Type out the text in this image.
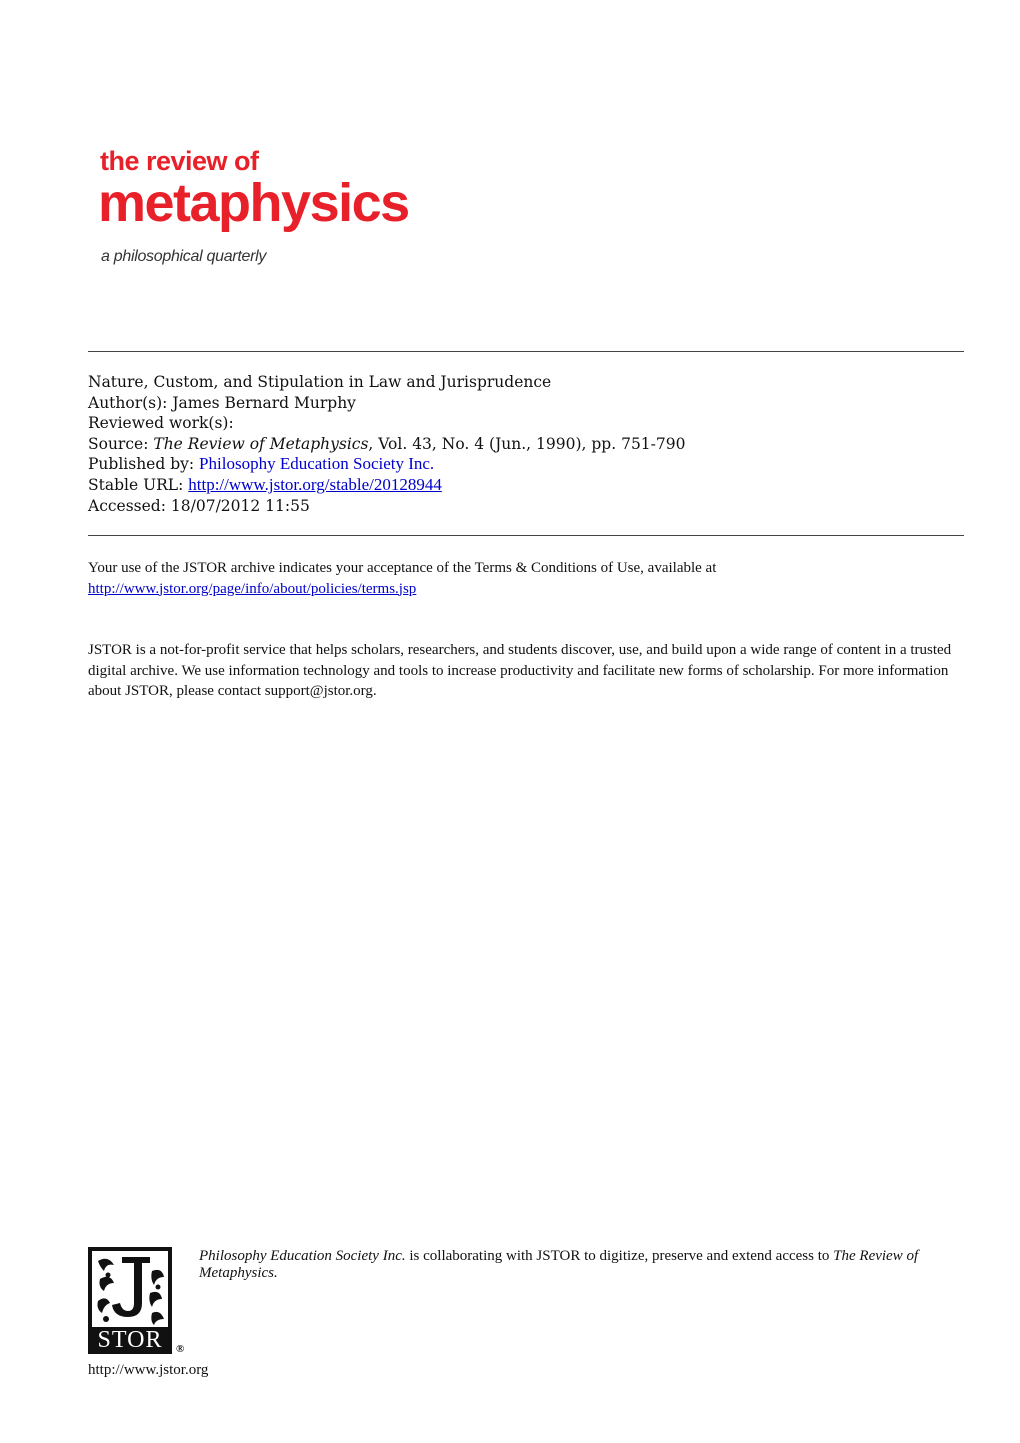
the review of
metaphysics
a philosophical quarterly
Nature, Custom, and Stipulation in Law and Jurisprudence
Author(s): James Bernard Murphy
Reviewed work(s):
Source: The Review of Metaphysics, Vol. 43, No. 4 (Jun., 1990), pp. 751-790
Published by: Philosophy Education Society Inc.
Stable URL: http://www.jstor.org/stable/20128944
Accessed: 18/07/2012 11:55
Your use of the JSTOR archive indicates your acceptance of the Terms & Conditions of Use, available at
http://www.jstor.org/page/info/about/policies/terms.jsp
JSTOR is a not-for-profit service that helps scholars, researchers, and students discover, use, and build upon a wide range of content in a trusted digital archive. We use information technology and tools to increase productivity and facilitate new forms of scholarship. For more information about JSTOR, please contact support@jstor.org.
STOR	®
Philosophy Education Society Inc. is collaborating with JSTOR to digitize, preserve and extend access to The Review of Metaphysics.
http://www.jstor.org
